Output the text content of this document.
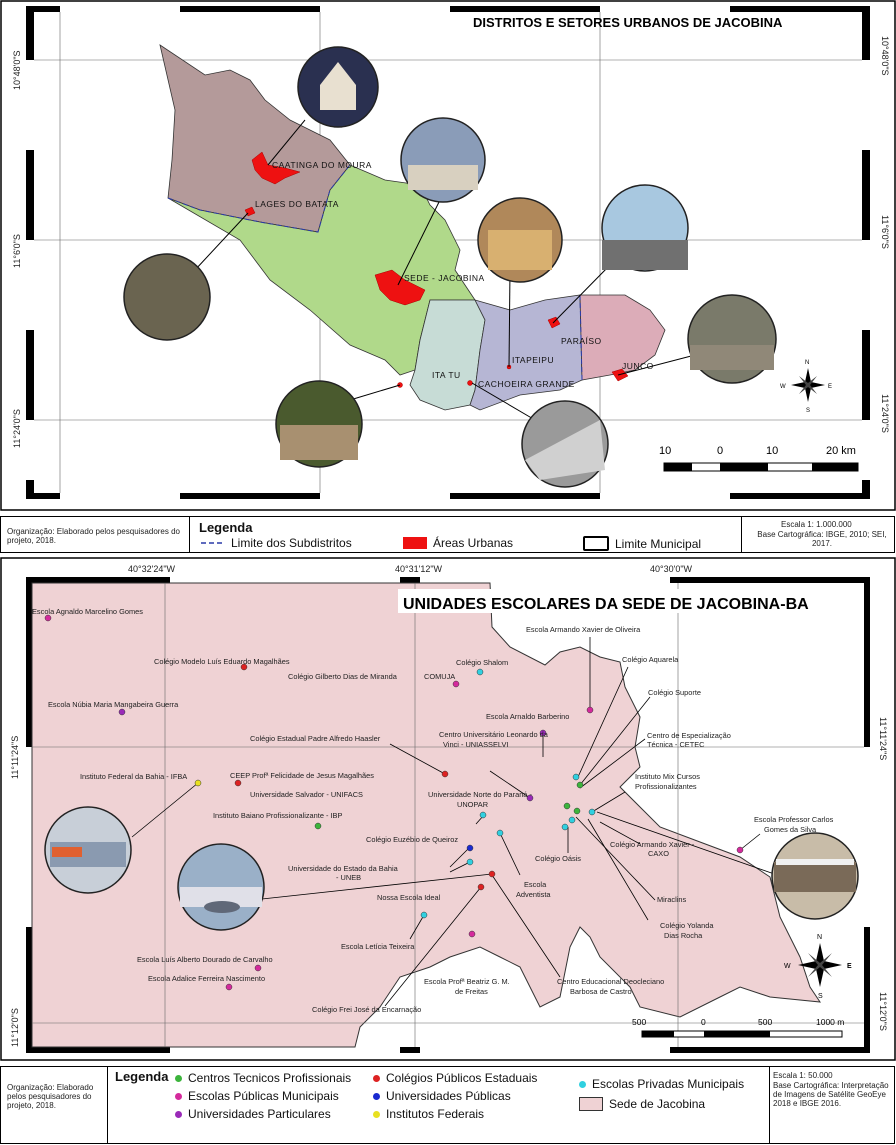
CAATINGA DO MOURA
LAGES DO BATATA
SEDE - JACOBINA
ITAPEIPU
PARAÍSO
JUNCO
ITA TU
CACHOEIRA GRANDE
DISTRITOS E SETORES URBANOS DE JACOBINA
10°48'0"S
11°6'0"S
11°24'0"S
10°48'0"S
11°6'0"S
11°24'0"S
N
S
E
W
10	0	10	20 km
Organização: Elaborado pelos pesquisadores do projeto, 2018.
Legenda
Limite dos Subdistritos	Áreas Urbanas	Limite Municipal
Escala 1: 1.000.000
Base Cartográfica: IBGE, 2010; SEI, 2017.
Escola Agnaldo Marcelino Gomes
Colégio Modelo Luís Eduardo Magalhães
Colégio Gilberto Dias de Miranda	COMUJA
Colégio Shalom
Escola Armando Xavier de Oliveira
Colégio Aquarela
Colégio Suporte
Escola Núbia Maria Mangabeira Guerra
Escola Arnaldo Barberino
Centro de Especialização
Técnica - CETEC
Colégio Estadual Padre Alfredo Haasler	Centro Universitário Leonardo da
Vinci - UNIASSELVI
Instituto Mix Cursos
Profissionalizantes
Instituto Federal da Bahia - IFBA	CEEP Profª Felicidade de Jesus Magalhães
Universidade Salvador - UNIFACS	Universidade Norte do Paraná -
UNOPAR
Instituto Baiano Profissionalizante - IBP
Colégio Euzébio de Queiroz
Colégio Oásis
Colégio Armando Xavier -
CAXO
Escola Professor Carlos
Gomes da Silva
Universidade do Estado da Bahia
- UNEB
Escola
Adventista
Nossa Escola Ideal	Miraclins
Colégio Yolanda
Dias Rocha
Escola Letícia Teixeira
Escola Luís Alberto Dourado de Carvalho
Escola Adalice Ferreira Nascimento	Escola Profª Beatriz G. M.
de Freitas
Centro Educacional Deocleciano
Barbosa de Castro
Colégio Frei José da Encarnação
UNIDADES ESCOLARES DA SEDE DE JACOBINA-BA
40°32'24"W	40°31'12"W	40°30'0"W
11°11'24"S
11°12'0"S
11°11'24"S
11°12'0"S
N
S
E
W
500	0	500	1000 m
Organização: Elaborado pelos pesquisadores do projeto, 2018.
Legenda Centros Tecnicos Profissionais
Escolas Públicas Municipais
Universidades Particulares
Colégios Públicos Estaduais
Universidades Públicas
Institutos Federais
Escolas Privadas Municipais
Sede de Jacobina
Escala 1: 50.000
Base Cartográfica: Interpretação de Imagens de Satélite GeoEye 2018 e IBGE 2016.
